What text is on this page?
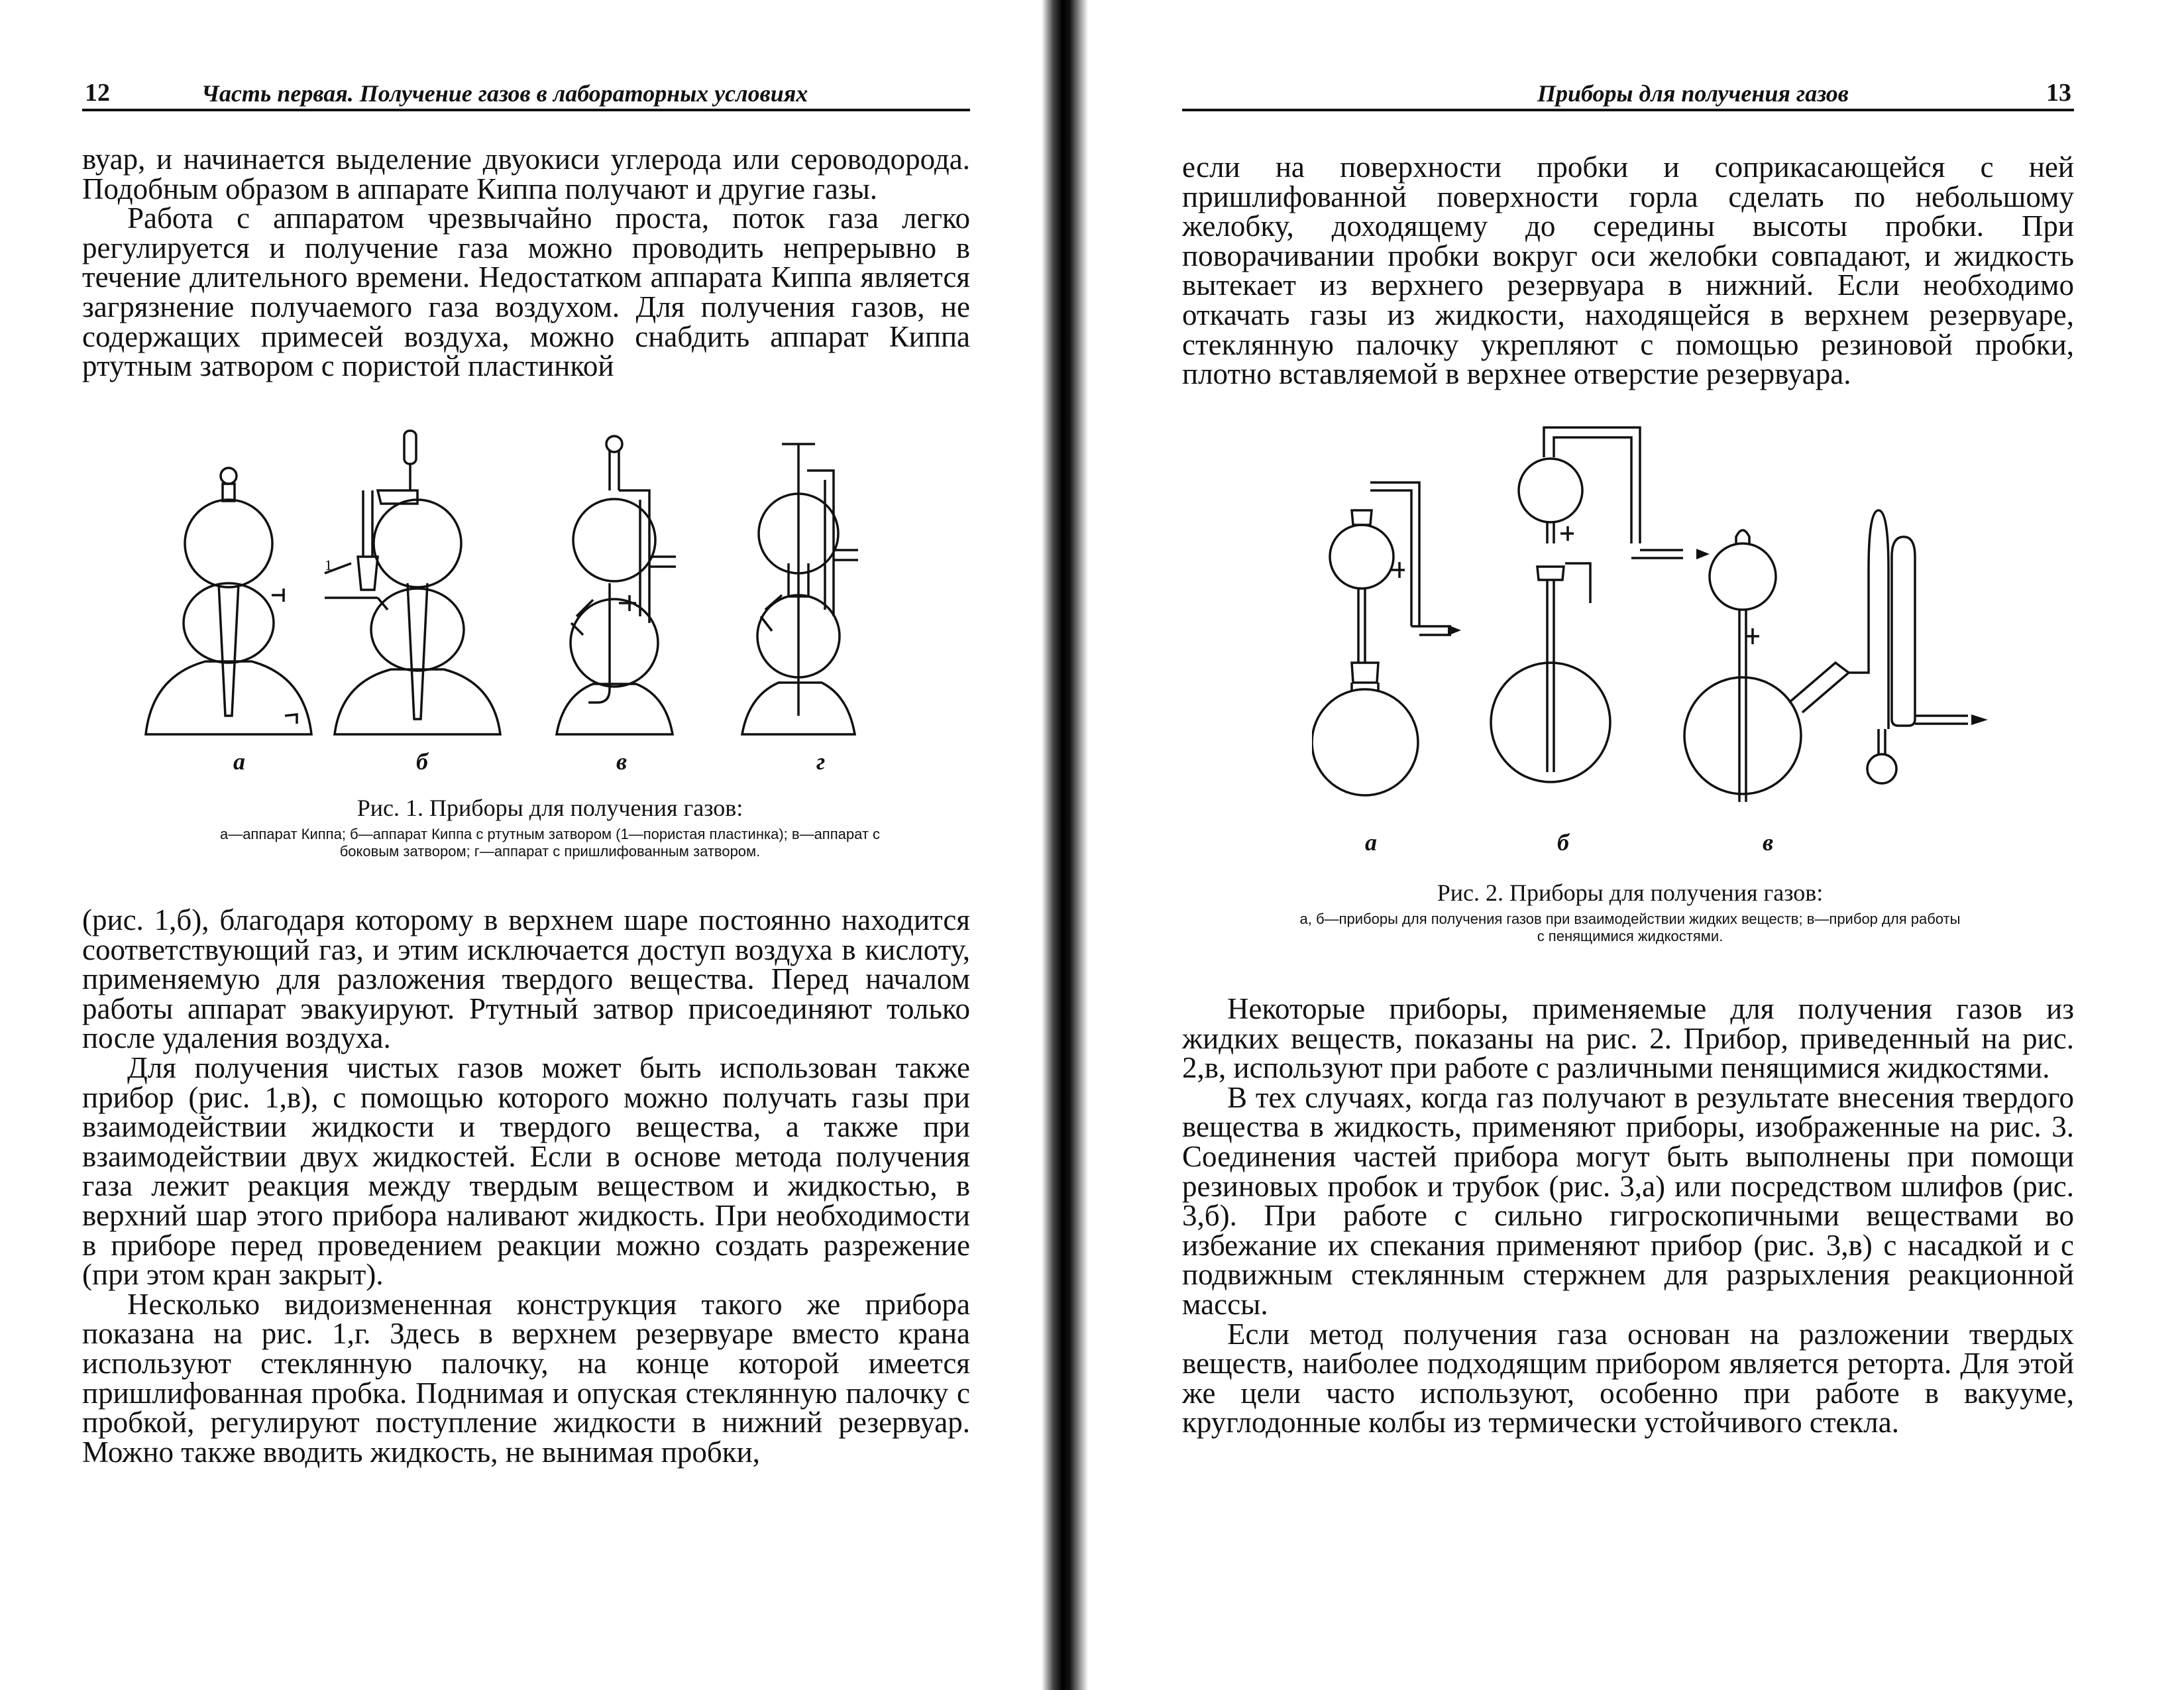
12	Часть первая. Получение газов в лабораторных условиях

вуар, и начинается выделение двуокиси углерода или сероводорода. Подобным образом в аппарате Киппа получают и другие газы.

Работа с аппаратом чрезвычайно проста, поток газа легко регулируется и получение газа можно проводить непрерывно в течение длительного времени. Недостатком аппарата Киппа является загрязнение получаемого газа воздухом. Для получения газов, не содержащих примесей воздуха, можно снабдить аппарат Киппа ртутным затвором с пористой пластинкой

1
а	б	в	г
Рис. 1. Приборы для получения газов:
а—аппарат Киппа; б—аппарат Киппа с ртутным затвором (1—пористая пластинка); в—аппарат с боковым затвором; г—аппарат с пришлифованным затвором.

(рис. 1,б), благодаря которому в верхнем шаре постоянно находится соответствующий газ, и этим исключается доступ воздуха в кислоту, применяемую для разложения твердого вещества. Перед началом работы аппарат эвакуируют. Ртутный затвор присоединяют только после удаления воздуха.

Для получения чистых газов может быть использован также прибор (рис. 1,в), с помощью которого можно получать газы при взаимодействии жидкости и твердого вещества, а также при взаимодействии двух жидкостей. Если в основе метода получения газа лежит реакция между твердым веществом и жидкостью, в верхний шар этого прибора наливают жидкость. При необходимости в приборе перед проведением реакции можно создать разрежение (при этом кран закрыт).

Несколько видоизмененная конструкция такого же прибора показана на рис. 1,г. Здесь в верхнем резервуаре вместо крана используют стеклянную палочку, на конце которой имеется пришлифованная пробка. Поднимая и опуская стеклянную палочку с пробкой, регулируют поступление жидкости в нижний резервуар. Можно также вводить жидкость, не вынимая пробки,

Приборы для получения газов	13

если на поверхности пробки и соприкасающейся с ней пришлифованной поверхности горла сделать по небольшому желобку, доходящему до середины высоты пробки. При поворачивании пробки вокруг оси желобки совпадают, и жидкость вытекает из верхнего резервуара в нижний. Если необходимо откачать газы из жидкости, находящейся в верхнем резервуаре, стеклянную палочку укрепляют с помощью резиновой пробки, плотно вставляемой в верхнее отверстие резервуара.

а	б	в
Рис. 2. Приборы для получения газов:
а, б—приборы для получения газов при взаимодействии жидких веществ; в—прибор для работы с пенящимися жидкостями.

Некоторые приборы, применяемые для получения газов из жидких веществ, показаны на рис. 2. Прибор, приведенный на рис. 2,в, используют при работе с различными пенящимися жидкостями.

В тех случаях, когда газ получают в результате внесения твердого вещества в жидкость, применяют приборы, изображенные на рис. 3. Соединения частей прибора могут быть выполнены при помощи резиновых пробок и трубок (рис. 3,а) или посредством шлифов (рис. 3,б). При работе с сильно гигроскопичными веществами во избежание их спекания применяют прибор (рис. 3,в) с насадкой и с подвижным стеклянным стержнем для разрыхления реакционной массы.

Если метод получения газа основан на разложении твердых веществ, наиболее подходящим прибором является реторта. Для этой же цели часто используют, особенно при работе в вакууме, круглодонные колбы из термически устойчивого стекла.
